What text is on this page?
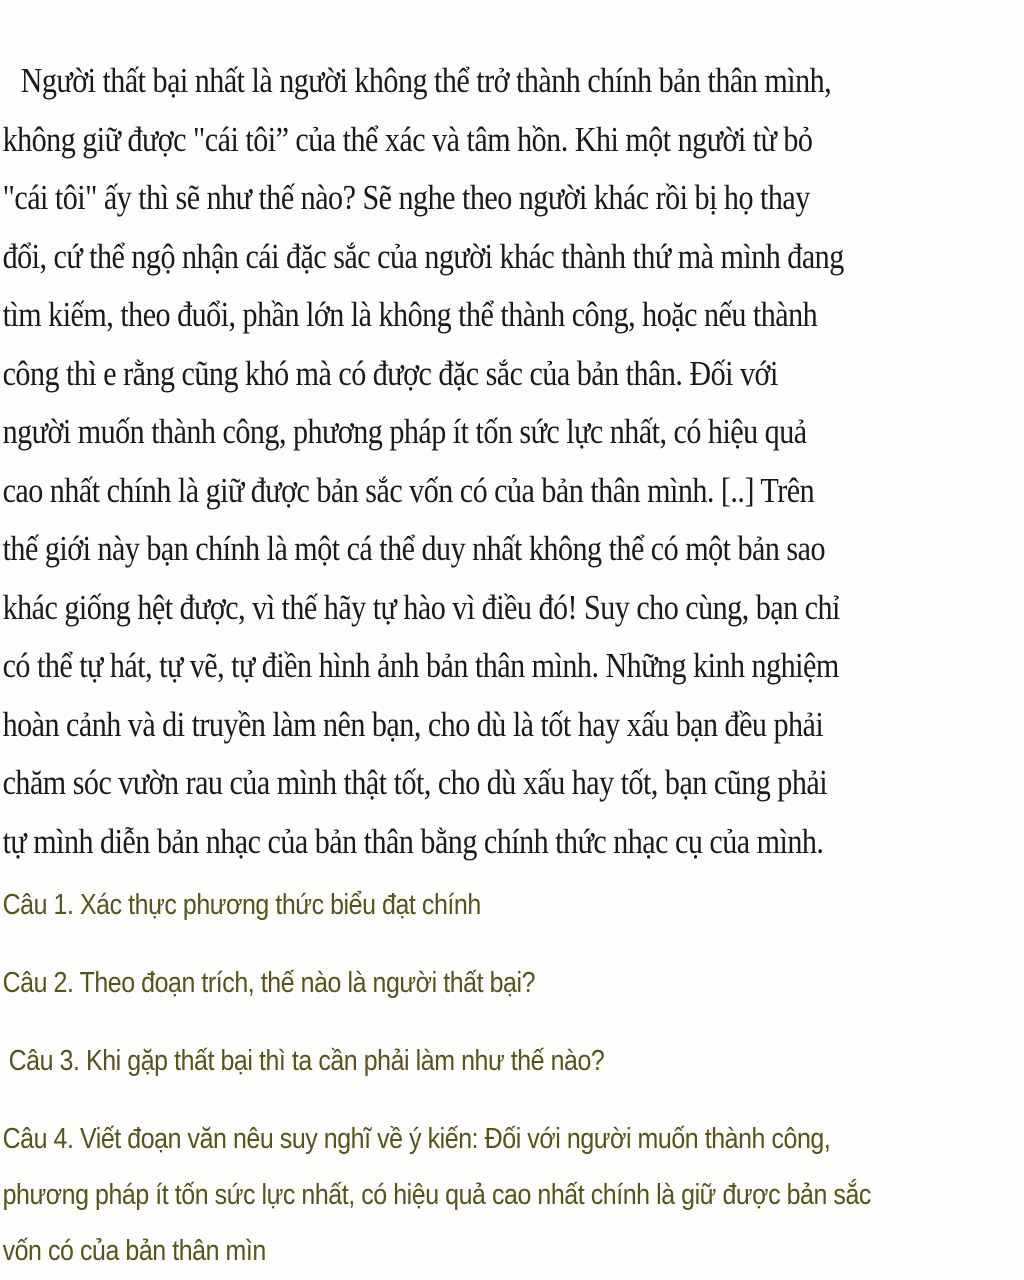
Người thất bại nhất là người không thể trở thành chính bản thân mình,
không giữ được "cái tôi” của thể xác và tâm hồn. Khi một người từ bỏ
"cái tôi" ấy thì sẽ như thế nào? Sẽ nghe theo người khác rồi bị họ thay
đổi, cứ thể ngộ nhận cái đặc sắc của người khác thành thứ mà mình đang
tìm kiếm, theo đuổi, phần lớn là không thể thành công, hoặc nếu thành
công thì e rằng cũng khó mà có được đặc sắc của bản thân. Đối với
người muốn thành công, phương pháp ít tốn sức lực nhất, có hiệu quả
cao nhất chính là giữ được bản sắc vốn có của bản thân mình. [..] Trên
thế giới này bạn chính là một cá thể duy nhất không thể có một bản sao
khác giống hệt được, vì thế hãy tự hào vì điều đó! Suy cho cùng, bạn chỉ
có thể tự hát, tự vẽ, tự điền hình ảnh bản thân mình. Những kinh nghiệm
hoàn cảnh và di truyền làm nên bạn, cho dù là tốt hay xấu bạn đều phải
chăm sóc vườn rau của mình thật tốt, cho dù xấu hay tốt, bạn cũng phải
tự mình diễn bản nhạc của bản thân bằng chính thức nhạc cụ của mình.
Câu 1. Xác thực phương thức biểu đạt chính
Câu 2. Theo đoạn trích, thế nào là người thất bại?
Câu 3. Khi gặp thất bại thì ta cần phải làm như thế nào?
Câu 4. Viết đoạn văn nêu suy nghĩ về ý kiến: Đối với người muốn thành công,
phương pháp ít tốn sức lực nhất, có hiệu quả cao nhất chính là giữ được bản sắc
vốn có của bản thân mìn
